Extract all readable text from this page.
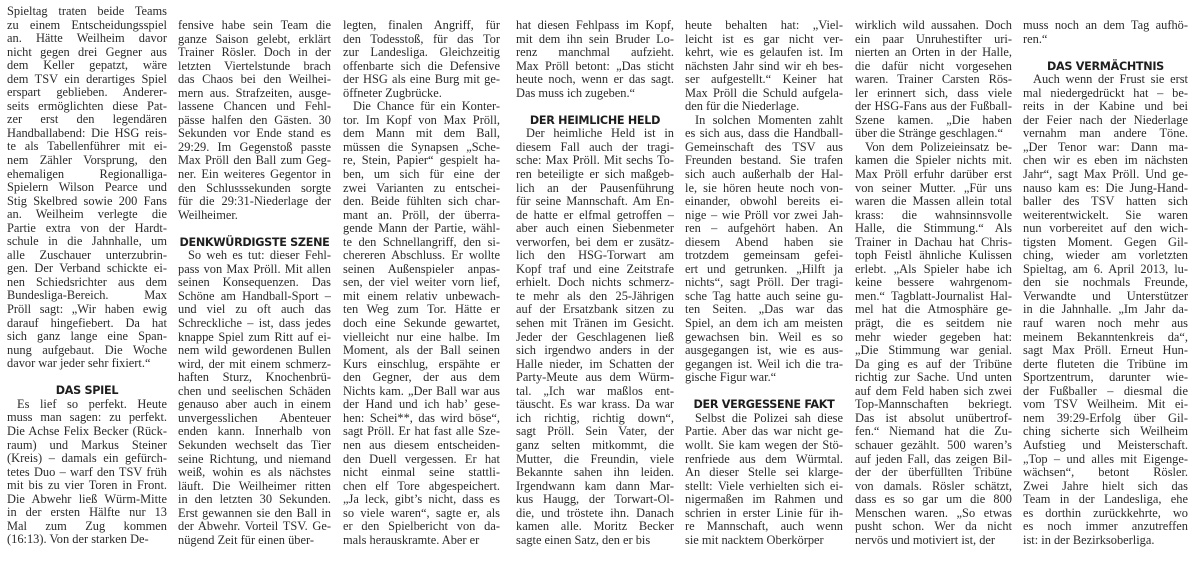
Spieltag traten beide Teams
zu einem Entscheidungsspiel
an. Hätte Weilheim davor
nicht gegen drei Gegner aus
dem Keller gepatzt, wäre
dem TSV ein derartiges Spiel
erspart geblieben. Anderer-
seits ermöglichten diese Pat-
zer erst den legendären
Handballabend: Die HSG reis-
te als Tabellenführer mit ei-
nem Zähler Vorsprung, den
ehemaligen Regionalliga-
Spielern Wilson Pearce und
Stig Skelbred sowie 200 Fans
an. Weilheim verlegte die
Partie extra von der Hardt-
schule in die Jahnhalle, um
alle Zuschauer unterzubrin-
gen. Der Verband schickte ei-
nen Schiedsrichter aus dem
Bundesliga-Bereich. Max
Pröll sagt: „Wir haben ewig
darauf hingefiebert. Da hat
sich ganz lange eine Span-
nung aufgebaut. Die Woche
davor war jeder sehr fixiert.“
DAS SPIEL
Es lief so perfekt. Heute
muss man sagen: zu perfekt.
Die Achse Felix Becker (Rück-
raum) und Markus Steiner
(Kreis) – damals ein gefürch-
tetes Duo – warf den TSV früh
mit bis zu vier Toren in Front.
Die Abwehr ließ Würm-Mitte
in der ersten Hälfte nur 13
Mal zum Zug kommen
(16:13). Von der starken De-
fensive habe sein Team die
ganze Saison gelebt, erklärt
Trainer Rösler. Doch in der
letzten Viertelstunde brach
das Chaos bei den Weilhei-
mern aus. Strafzeiten, ausge-
lassene Chancen und Fehl-
pässe halfen den Gästen. 30
Sekunden vor Ende stand es
29:29. Im Gegenstoß passte
Max Pröll den Ball zum Geg-
ner. Ein weiteres Gegentor in
den Schlusssekunden sorgte
für die 29:31-Niederlage der
Weilheimer.
DENKWÜRDIGSTE SZENE
So weh es tut: dieser Fehl-
pass von Max Pröll. Mit allen
seinen Konsequenzen. Das
Schöne am Handball-Sport –
und viel zu oft auch das
Schreckliche – ist, dass jedes
knappe Spiel zum Ritt auf ei-
nem wild gewordenen Bullen
wird, der mit einem schmerz-
haften Sturz, Knochenbrü-
chen und seelischen Schäden
genauso aber auch in einem
unvergesslichen Abenteuer
enden kann. Innerhalb von
Sekunden wechselt das Tier
seine Richtung, und niemand
weiß, wohin es als nächstes
läuft. Die Weilheimer ritten
in den letzten 30 Sekunden.
Erst gewannen sie den Ball in
der Abwehr. Vorteil TSV. Ge-
nügend Zeit für einen über-
legten, finalen Angriff, für
den Todesstoß, für das Tor
zur Landesliga. Gleichzeitig
offenbarte sich die Defensive
der HSG als eine Burg mit ge-
öffneter Zugbrücke.
Die Chance für ein Konter-
tor. Im Kopf von Max Pröll,
dem Mann mit dem Ball,
müssen die Synapsen „Sche-
re, Stein, Papier“ gespielt ha-
ben, um sich für eine der
zwei Varianten zu entschei-
den. Beide fühlten sich char-
mant an. Pröll, der überra-
gende Mann der Partie, wähl-
te den Schnellangriff, den si-
chereren Abschluss. Er wollte
seinen Außenspieler anpas-
sen, der viel weiter vorn lief,
mit einem relativ unbewach-
ten Weg zum Tor. Hätte er
doch eine Sekunde gewartet,
vielleicht nur eine halbe. Im
Moment, als der Ball seinen
Kurs einschlug, erspähte er
den Gegner, der aus dem
Nichts kam. „Der Ball war aus
der Hand und ich hab’ gese-
hen: Schei**, das wird böse“,
sagt Pröll. Er hat fast alle Sze-
nen aus diesem entscheiden-
den Duell vergessen. Er hat
nicht einmal seine stattli-
chen elf Tore abgespeichert.
„Ja leck, gibt’s nicht, dass es
so viele waren“, sagte er, als
er den Spielbericht von da-
mals herauskramte. Aber er
hat diesen Fehlpass im Kopf,
mit dem ihn sein Bruder Lo-
renz manchmal aufzieht.
Max Pröll betont: „Das sticht
heute noch, wenn er das sagt.
Das muss ich zugeben.“
DER HEIMLICHE HELD
Der heimliche Held ist in
diesem Fall auch der tragi-
sche: Max Pröll. Mit sechs To-
ren beteiligte er sich maßgeb-
lich an der Pausenführung
für seine Mannschaft. Am En-
de hatte er elfmal getroffen –
aber auch einen Siebenmeter
verworfen, bei dem er zusätz-
lich den HSG-Torwart am
Kopf traf und eine Zeitstrafe
erhielt. Doch nichts schmerz-
te mehr als den 25-Jährigen
auf der Ersatzbank sitzen zu
sehen mit Tränen im Gesicht.
Jeder der Geschlagenen ließ
sich irgendwo anders in der
Halle nieder, im Schatten der
Party-Meute aus dem Würm-
tal. „Ich war maßlos ent-
täuscht. Es war krass. Da war
ich richtig, richtig down“,
sagt Pröll. Sein Vater, der
ganz selten mitkommt, die
Mutter, die Freundin, viele
Bekannte sahen ihn leiden.
Irgendwann kam dann Mar-
kus Haugg, der Torwart-Ol-
die, und tröstete ihn. Danach
kamen alle. Moritz Becker
sagte einen Satz, den er bis
heute behalten hat: „Viel-
leicht ist es gar nicht ver-
kehrt, wie es gelaufen ist. Im
nächsten Jahr sind wir eh bes-
ser aufgestellt.“ Keiner hat
Max Pröll die Schuld aufgela-
den für die Niederlage.
In solchen Momenten zahlt
es sich aus, dass die Handball-
Gemeinschaft des TSV aus
Freunden bestand. Sie trafen
sich auch außerhalb der Hal-
le, sie hören heute noch von-
einander, obwohl bereits ei-
nige – wie Pröll vor zwei Jah-
ren – aufgehört haben. An
diesem Abend haben sie
trotzdem gemeinsam gefei-
ert und getrunken. „Hilft ja
nichts“, sagt Pröll. Der tragi-
sche Tag hatte auch seine gu-
ten Seiten. „Das war das
Spiel, an dem ich am meisten
gewachsen bin. Weil es so
ausgegangen ist, wie es aus-
gegangen ist. Weil ich die tra-
gische Figur war.“
DER VERGESSENE FAKT
Selbst die Polizei sah diese
Partie. Aber das war nicht ge-
wollt. Sie kam wegen der Stö-
renfriede aus dem Würmtal.
An dieser Stelle sei klarge-
stellt: Viele verhielten sich ei-
nigermaßen im Rahmen und
schrien in erster Linie für ih-
re Mannschaft, auch wenn
sie mit nacktem Oberkörper
wirklich wild aussahen. Doch
ein paar Unruhestifter uri-
nierten an Orten in der Halle,
die dafür nicht vorgesehen
waren. Trainer Carsten Rös-
ler erinnert sich, dass viele
der HSG-Fans aus der Fußball-
Szene kamen. „Die haben
über die Stränge geschlagen.“
Von dem Polizeieinsatz be-
kamen die Spieler nichts mit.
Max Pröll erfuhr darüber erst
von seiner Mutter. „Für uns
waren die Massen allein total
krass: die wahnsinnsvolle
Halle, die Stimmung.“ Als
Trainer in Dachau hat Chris-
toph Feistl ähnliche Kulissen
erlebt. „Als Spieler habe ich
keine bessere wahrgenom-
men.“ Tagblatt-Journalist Hal-
mel hat die Atmosphäre ge-
prägt, die es seitdem nie
mehr wieder gegeben hat:
„Die Stimmung war genial.
Da ging es auf der Tribüne
richtig zur Sache. Und unten
auf dem Feld haben sich zwei
Top-Mannschaften bekriegt.
Das ist absolut unübertrof-
fen.“ Niemand hat die Zu-
schauer gezählt. 500 waren’s
auf jeden Fall, das zeigen Bil-
der der überfüllten Tribüne
von damals. Rösler schätzt,
dass es so gar um die 800
Menschen waren. „So etwas
pusht schon. Wer da nicht
nervös und motiviert ist, der
muss noch an dem Tag aufhö-
ren.“
DAS VERMÄCHTNIS
Auch wenn der Frust sie erst
mal niedergedrückt hat – be-
reits in der Kabine und bei
der Feier nach der Niederlage
vernahm man andere Töne.
„Der Tenor war: Dann ma-
chen wir es eben im nächsten
Jahr“, sagt Max Pröll. Und ge-
nauso kam es: Die Jung-Hand-
baller des TSV hatten sich
weiterentwickelt. Sie waren
nun vorbereitet auf den wich-
tigsten Moment. Gegen Gil-
ching, wieder am vorletzten
Spieltag, am 6. April 2013, lu-
den sie nochmals Freunde,
Verwandte und Unterstützer
in die Jahnhalle. „Im Jahr da-
rauf waren noch mehr aus
meinem Bekanntenkreis da“,
sagt Max Pröll. Erneut Hun-
derte fluteten die Tribüne im
Sportzentrum, darunter wie-
der Fußballer – diesmal die
vom TSV Weilheim. Mit ei-
nem 39:29-Erfolg über Gil-
ching sicherte sich Weilheim
Aufstieg und Meisterschaft.
„Top – und alles mit Eigenge-
wächsen“, betont Rösler.
Zwei Jahre hielt sich das
Team in der Landesliga, ehe
es dorthin zurückkehrte, wo
es noch immer anzutreffen
ist: in der Bezirksoberliga.
